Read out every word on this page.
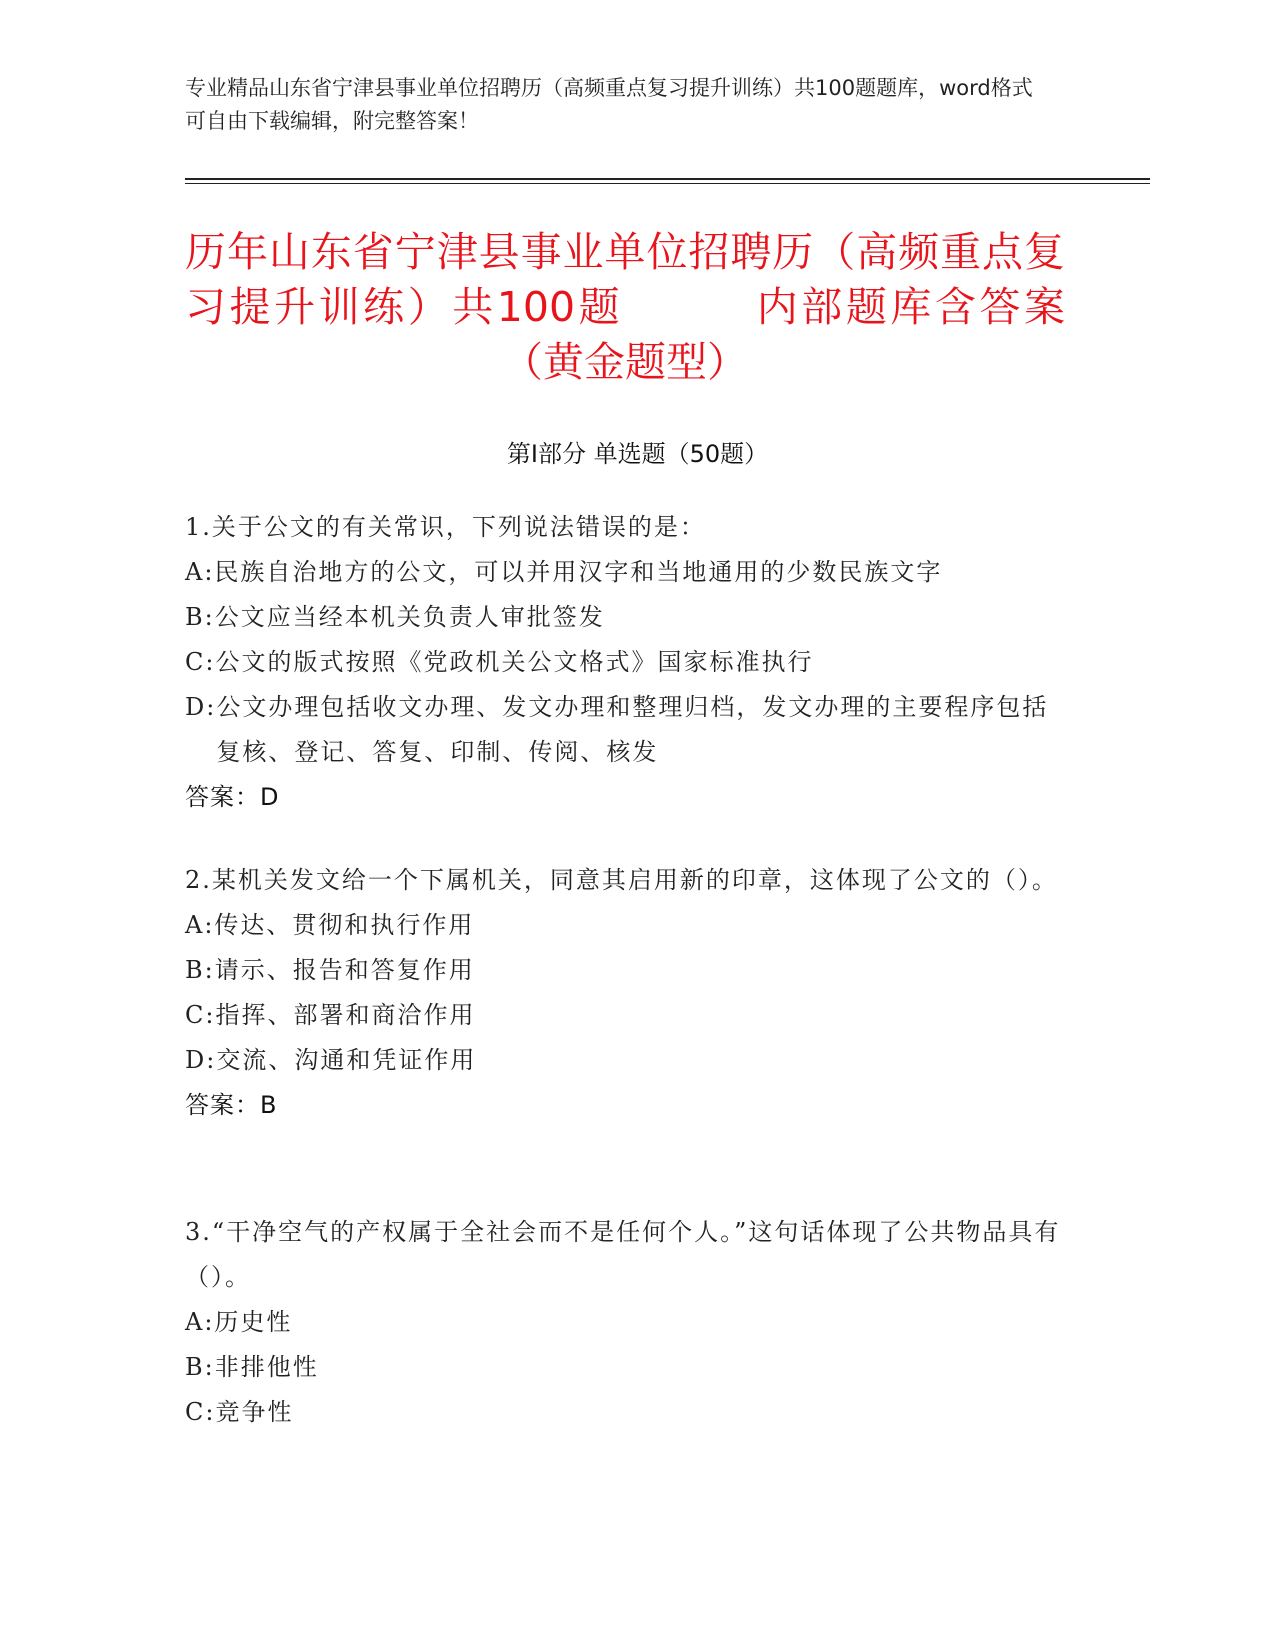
专业精品山东省宁津县事业单位招聘历（高频重点复习提升训练）共100题题库，word格式可自由下载编辑，附完整答案！
历年山东省宁津县事业单位招聘历（高频重点复习提升训练）共100题　　　内部题库含答案（黄金题型）
第Ⅰ部分 单选题（50题）
1.关于公文的有关常识，下列说法错误的是：
A: 民族自治地方的公文，可以并用汉字和当地通用的少数民族文字
B: 公文应当经本机关负责人审批签发
C: 公文的版式按照《党政机关公文格式》国家标准执行
D: 公文办理包括收文办理、发文办理和整理归档，发文办理的主要程序包括复核、登记、答复、印制、传阅、核发
答案：D
2.某机关发文给一个下属机关，同意其启用新的印章，这体现了公文的（）。
A: 传达、贯彻和执行作用
B: 请示、报告和答复作用
C: 指挥、部署和商洽作用
D: 交流、沟通和凭证作用
答案：B
3.“干净空气的产权属于全社会而不是任何个人。”这句话体现了公共物品具有（）。
A: 历史性
B: 非排他性
C: 竞争性
